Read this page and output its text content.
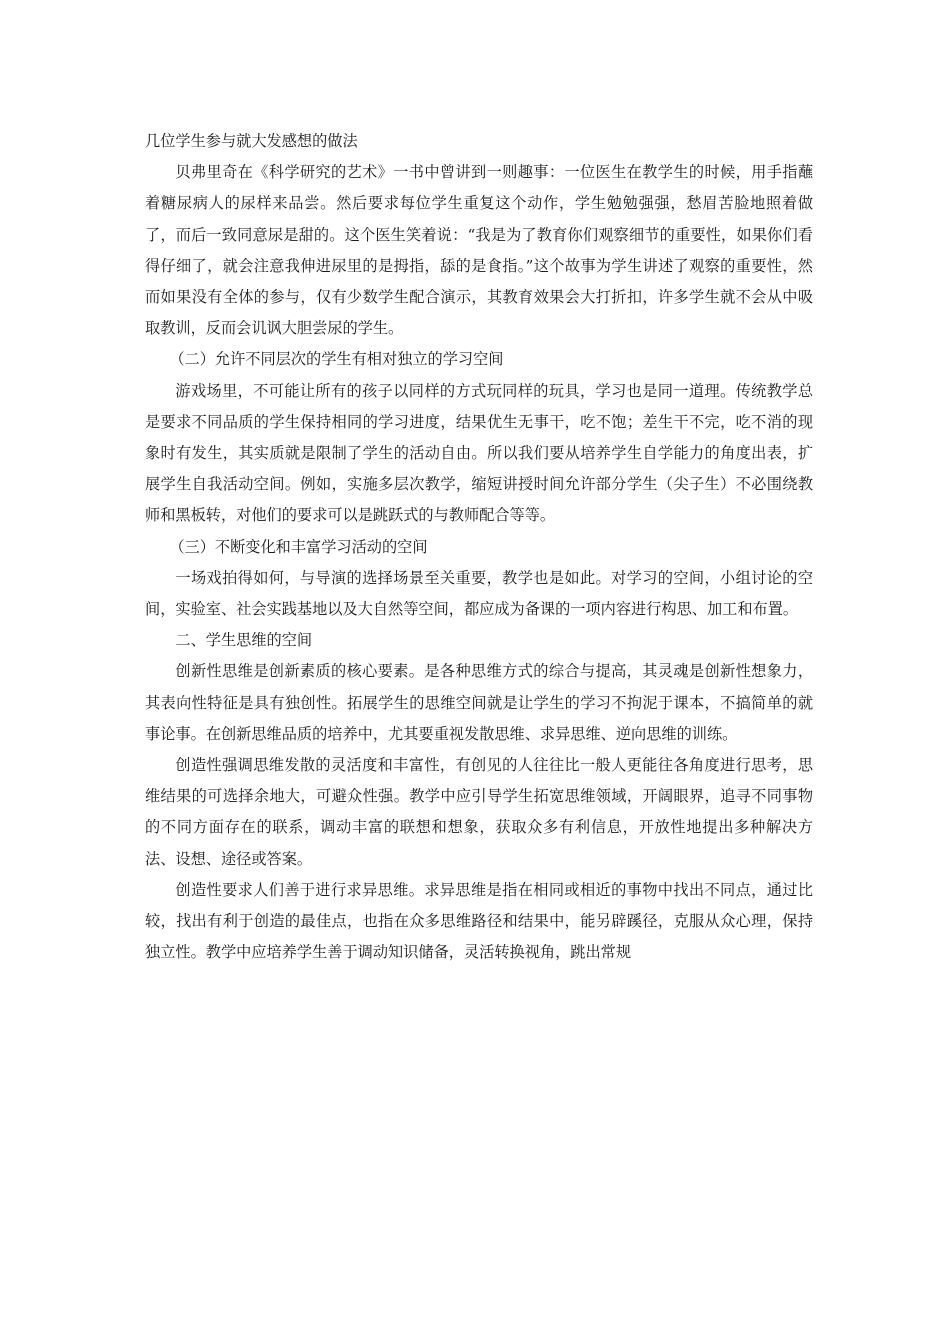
几位学生参与就大发感想的做法

贝弗里奇在《科学研究的艺术》一书中曾讲到一则趣事：一位医生在教学生的时候，用手指蘸着糖尿病人的尿样来品尝。然后要求每位学生重复这个动作，学生勉勉强强，愁眉苦脸地照着做了，而后一致同意尿是甜的。这个医生笑着说：“我是为了教育你们观察细节的重要性，如果你们看得仔细了，就会注意我伸进尿里的是拇指，舔的是食指。”这个故事为学生讲述了观察的重要性，然而如果没有全体的参与，仅有少数学生配合演示，其教育效果会大打折扣，许多学生就不会从中吸取教训，反而会讥讽大胆尝尿的学生。

（二）允许不同层次的学生有相对独立的学习空间

游戏场里，不可能让所有的孩子以同样的方式玩同样的玩具，学习也是同一道理。传统教学总是要求不同品质的学生保持相同的学习进度，结果优生无事干，吃不饱；差生干不完，吃不消的现象时有发生，其实质就是限制了学生的活动自由。所以我们要从培养学生自学能力的角度出表，扩展学生自我活动空间。例如，实施多层次教学，缩短讲授时间允许部分学生（尖子生）不必围绕教师和黑板转，对他们的要求可以是跳跃式的与教师配合等等。

（三）不断变化和丰富学习活动的空间

一场戏拍得如何，与导演的选择场景至关重要，教学也是如此。对学习的空间，小组讨论的空间，实验室、社会实践基地以及大自然等空间，都应成为备课的一项内容进行构思、加工和布置。

二、学生思维的空间

创新性思维是创新素质的核心要素。是各种思维方式的综合与提高，其灵魂是创新性想象力，其表向性特征是具有独创性。拓展学生的思维空间就是让学生的学习不拘泥于课本，不搞简单的就事论事。在创新思维品质的培养中，尤其要重视发散思维、求异思维、逆向思维的训练。

创造性强调思维发散的灵活度和丰富性，有创见的人往往比一般人更能往各角度进行思考，思维结果的可选择余地大，可避众性强。教学中应引导学生拓宽思维领域，开阔眼界，追寻不同事物的不同方面存在的联系，调动丰富的联想和想象，获取众多有利信息，开放性地提出多种解决方法、设想、途径或答案。

创造性要求人们善于进行求异思维。求异思维是指在相同或相近的事物中找出不同点，通过比较，找出有利于创造的最佳点，也指在众多思维路径和结果中，能另辟蹊径，克服从众心理，保持独立性。教学中应培养学生善于调动知识储备，灵活转换视角，跳出常规
